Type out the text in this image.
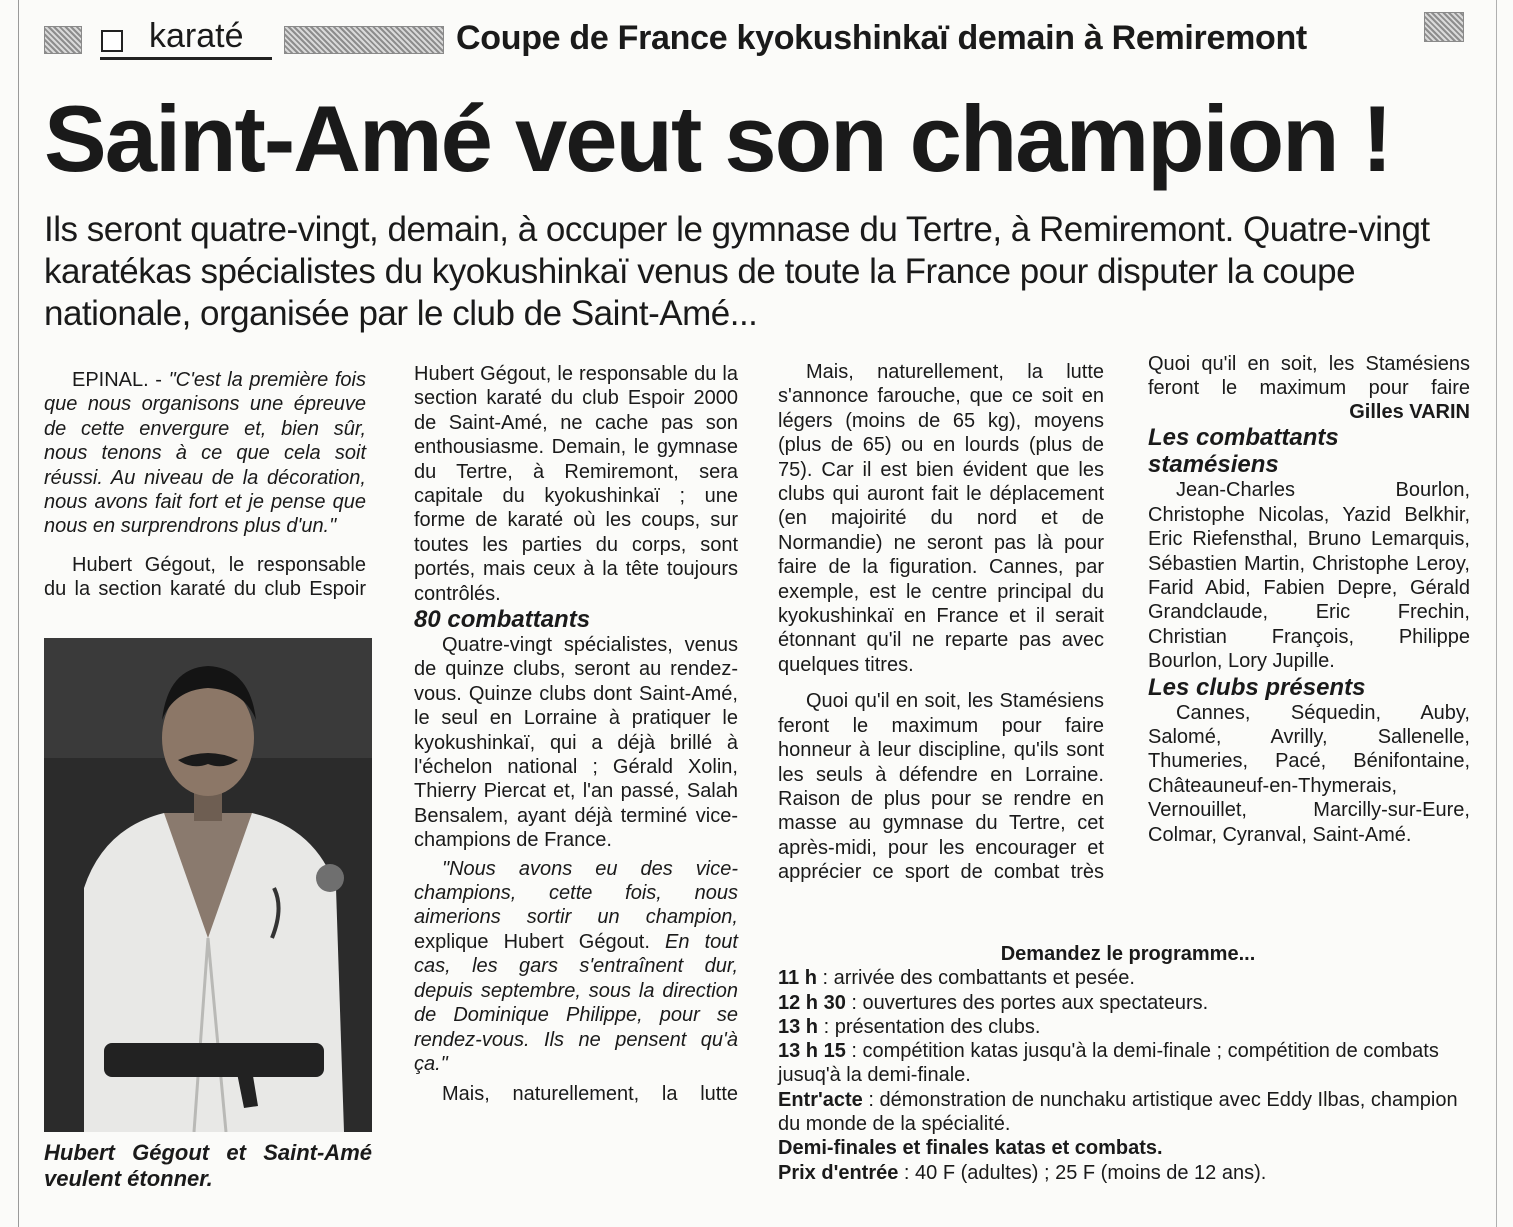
karaté	Coupe de France kyokushinkaï demain à Remiremont
Saint-Amé veut son champion !

Ils seront quatre-vingt, demain, à occuper le gymnase du Tertre, à Remiremont. Quatre-vingt karatékas spécialistes du kyokushinkaï venus de toute la France pour disputer la coupe nationale, organisée par le club de Saint-Amé...

EPINAL. - "C'est la première fois que nous organisons une épreuve de cette envergure et, bien sûr, nous tenons à ce que cela soit réussi. Au niveau de la décoration, nous avons fait fort et je pense que nous en surprendrons plus d'un."

Hubert Gégout, le responsable du la section karaté du club Espoir

Hubert Gégout et Saint-Amé veulent étonner.

Hubert Gégout, le responsable du la section karaté du club Espoir 2000 de Saint-Amé, ne cache pas son enthousiasme. Demain, le gymnase du Tertre, à Remiremont, sera capitale du kyokushinkaï ; une forme de karaté où les coups, sur toutes les parties du corps, sont portés, mais ceux à la tête toujours contrôlés.

80 combattants

Quatre-vingt spécialistes, venus de quinze clubs, seront au rendez-vous. Quinze clubs dont Saint-Amé, le seul en Lorraine à pratiquer le kyokushinkaï, qui a déjà brillé à l'échelon national ; Gérald Xolin, Thierry Piercat et, l'an passé, Salah Bensalem, ayant déjà terminé vice-champions de France.

"Nous avons eu des vice-champions, cette fois, nous aimerions sortir un champion, explique Hubert Gégout. En tout cas, les gars s'entraînent dur, depuis septembre, sous la direction de Dominique Philippe, pour se rendez-vous. Ils ne pensent qu'à ça."

Mais, naturellement, la lutte

Mais, naturellement, la lutte s'annonce farouche, que ce soit en légers (moins de 65 kg), moyens (plus de 65) ou en lourds (plus de 75). Car il est bien évident que les clubs qui auront fait le déplacement (en majoirité du nord et de Normandie) ne seront pas là pour faire de la figuration. Cannes, par exemple, est le centre principal du kyokushinkaï en France et il serait étonnant qu'il ne reparte pas avec quelques titres.

Quoi qu'il en soit, les Stamésiens feront le maximum pour faire honneur à leur discipline, qu'ils sont les seuls à défendre en Lorraine. Raison de plus pour se rendre en masse au gymnase du Tertre, cet après-midi, pour les encourager et apprécier ce sport de combat très

Quoi qu'il en soit, les Stamésiens feront le maximum pour faire

Gilles VARIN

Les combattants stamésiens

Jean-Charles Bourlon, Christophe Nicolas, Yazid Belkhir, Eric Riefensthal, Bruno Lemarquis, Sébastien Martin, Christophe Leroy, Farid Abid, Fabien Depre, Gérald Grandclaude, Eric Frechin, Christian François, Philippe Bourlon, Lory Jupille.

Les clubs présents

Cannes, Séquedin, Auby, Salomé, Avrilly, Sallenelle, Thumeries, Pacé, Bénifontaine, Châteauneuf-en-Thymerais, Vernouillet, Marcilly-sur-Eure, Colmar, Cyranval, Saint-Amé.

Demandez le programme...

11 h : arrivée des combattants et pesée.

12 h 30 : ouvertures des portes aux spectateurs.

13 h : présentation des clubs.

13 h 15 : compétition katas jusqu'à la demi-finale ; compétition de combats jusuq'à la demi-finale.

Entr'acte : démonstration de nunchaku artistique avec Eddy Ilbas, champion du monde de la spécialité.

Demi-finales et finales katas et combats.

Prix d'entrée : 40 F (adultes) ; 25 F (moins de 12 ans).
